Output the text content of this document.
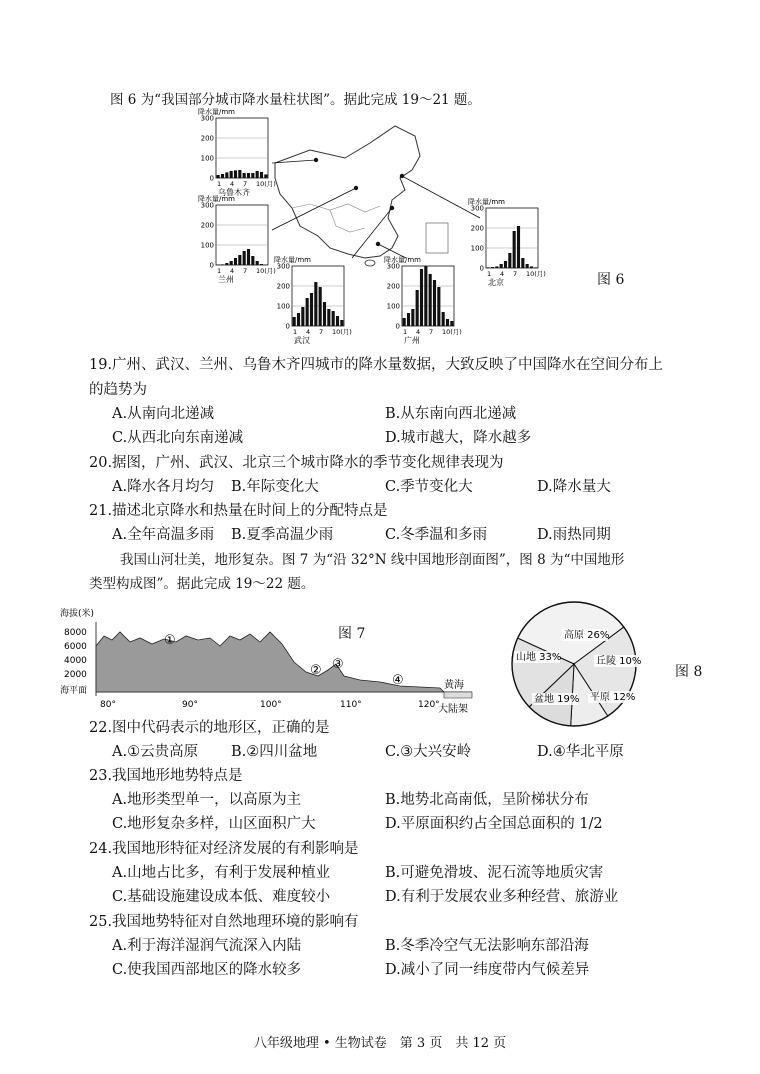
图 6 为“我国部分城市降水量柱状图”。据此完成 19～21 题。
降水量/mm
300
200
100
0
1 4 7 10(月)
乌鲁木齐
降水量/mm
300
200
100
0
1 4 7 10(月)
兰州
降水量/mm
300
200
100
0
1 4 7 10(月)
武汉
降水量/mm
300
200
100
0
1 4 7 10(月)
广州
降水量/mm
300
200
100
0
1 4 7 10(月)
北京	图 6
19.广州、武汉、兰州、乌鲁木齐四城市的降水量数据，大致反映了中国降水在空间分布上
的趋势为
A.从南向北递减	B.从东南向西北递减
C.从西北向东南递减	D.城市越大，降水越多
20.据图，广州、武汉、北京三个城市降水的季节变化规律表现为
A.降水各月均匀 B.年际变化大	C.季节变化大	D.降水量大
21.描述北京降水和热量在时间上的分配特点是
A.全年高温多雨 B.夏季高温少雨	C.冬季温和多雨	D.雨热同期
我国山河壮美，地形复杂。图 7 为“沿 32°N 线中国地形剖面图”，图 8 为“中国地形
类型构成图”。据此完成 19～22 题。
海拔(米)
8000
6000
4000
2000
海平面
①
② ③
④	黄海
大陆架
80°	90°	100°	110°	120°
图 7
山地 33%
高原 26%
丘陵 10%
平原 12%
盆地 19%
图 8
22.图中代码表示的地形区，正确的是
A.①云贵高原 B.②四川盆地	C.③大兴安岭	D.④华北平原
23.我国地形地势特点是
A.地形类型单一，以高原为主	B.地势北高南低，呈阶梯状分布
C.地形复杂多样，山区面积广大	D.平原面积约占全国总面积的 1/2
24.我国地形特征对经济发展的有利影响是
A.山地占比多，有利于发展种植业	B.可避免滑坡、泥石流等地质灾害
C.基础设施建设成本低、难度较小	D.有利于发展农业多种经营、旅游业
25.我国地势特征对自然地理环境的影响有
A.利于海洋湿润气流深入内陆	B.冬季冷空气无法影响东部沿海
C.使我国西部地区的降水较多	D.减小了同一纬度带内气候差异
八年级地理 • 生物试卷　第 3 页　共 12 页
